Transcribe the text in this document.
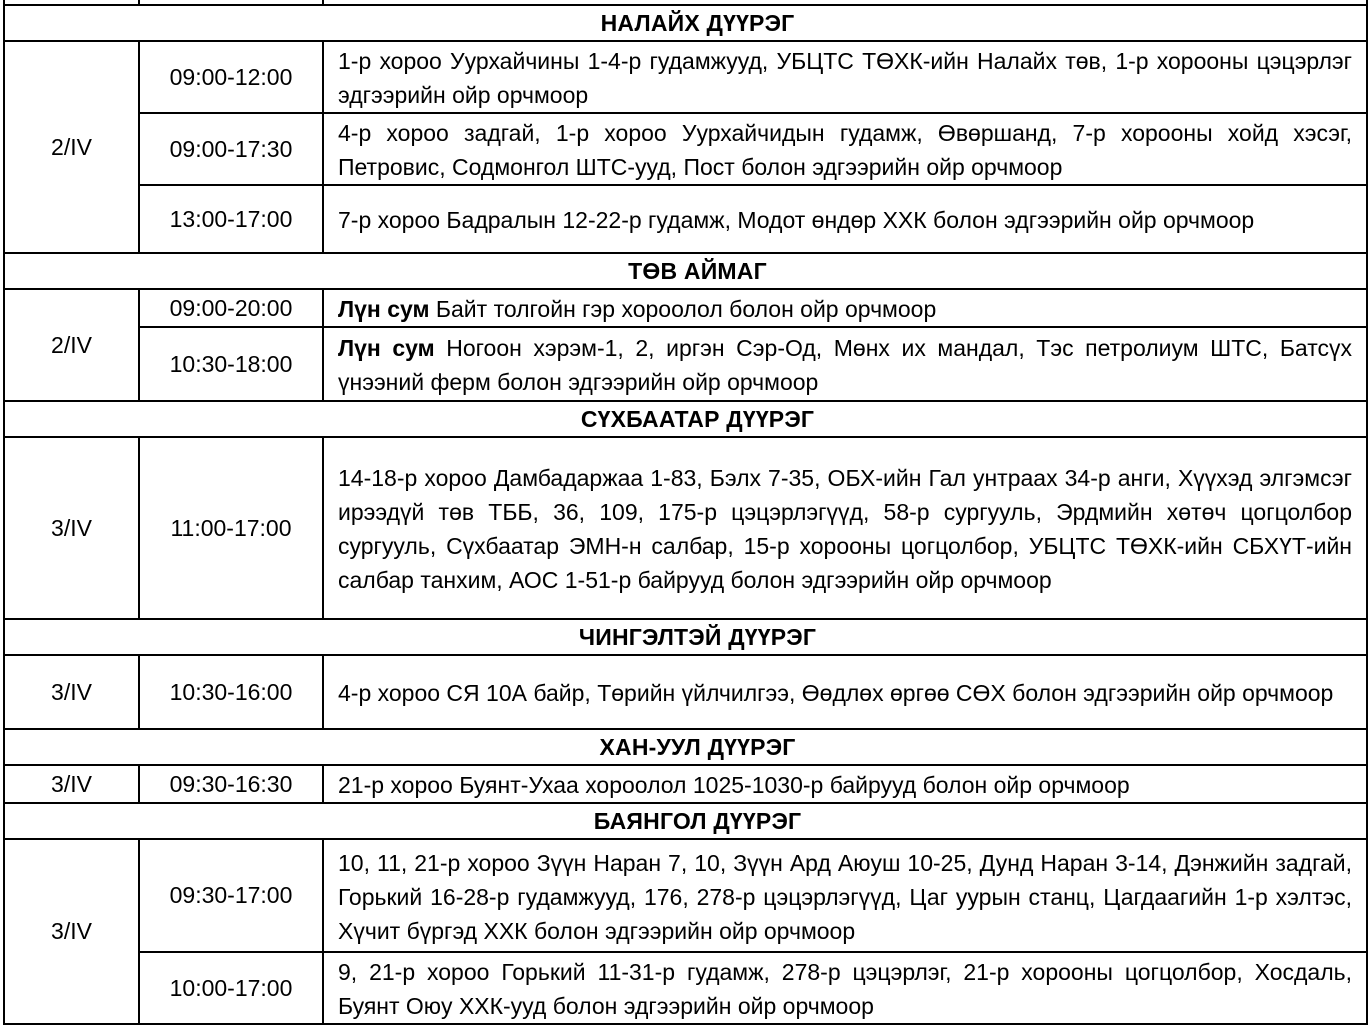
НАЛАЙХ ДҮҮРЭГ		
2/IV	09:00-12:00	1-р хороо Уурхайчины 1-4-р гудамжууд, УБЦТС ТӨХК-ийн Налайх төв, 1-р хорооны цэцэрлэг эдгээрийн ойр орчмоор
	09:00-17:30	4-р хороо задгай, 1-р хороо Уурхайчидын гудамж, Өвөршанд, 7-р хорооны хойд хэсэг, Петровис, Содмонгол ШТС-ууд, Пост болон эдгээрийн ойр орчмоор
	13:00-17:00	7-р хороо Бадралын 12-22-р гудамж, Модот өндөр ХХК болон эдгээрийн ойр орчмоор
ТӨВ АЙМАГ		
2/IV	09:00-20:00	Лүн сум Байт толгойн гэр хороолол болон ойр орчмоор
	10:30-18:00	Лүн сум Ногоон хэрэм-1, 2, иргэн Сэр-Од, Мөнх их мандал, Тэс петролиум ШТС, Батсүх үнээний ферм болон эдгээрийн ойр орчмоор
СҮХБААТАР ДҮҮРЭГ		
3/IV	11:00-17:00	14-18-р хороо Дамбадаржаа 1-83, Бэлх 7-35, ОБХ-ийн Гал унтраах 34-р анги, Хүүхэд элгэмсэг ирээдүй төв ТББ, 36, 109, 175-р цэцэрлэгүүд, 58-р сургууль, Эрдмийн хөтөч цогцолбор сургууль, Сүхбаатар ЭМН-н салбар, 15-р хорооны цогцолбор, УБЦТС ТӨХК-ийн СБХҮТ-ийн салбар танхим, АОС 1-51-р байрууд болон эдгээрийн ойр орчмоор
ЧИНГЭЛТЭЙ ДҮҮРЭГ		
3/IV	10:30-16:00	4-р хороо СЯ 10А байр, Төрийн үйлчилгээ, Өөдлөх өргөө СӨХ болон эдгээрийн ойр орчмоор
ХАН-УУЛ ДҮҮРЭГ		
3/IV	09:30-16:30	21-р хороо Буянт-Ухаа хороолол 1025-1030-р байрууд болон ойр орчмоор
БАЯНГОЛ ДҮҮРЭГ		
3/IV	09:30-17:00	10, 11, 21-р хороо Зүүн Наран 7, 10, Зүүн Ард Аюуш 10-25, Дунд Наран 3-14, Дэнжийн задгай, Горький 16-28-р гудамжууд, 176, 278-р цэцэрлэгүүд, Цаг уурын станц, Цагдаагийн 1-р хэлтэс, Хүчит бүргэд ХХК болон эдгээрийн ойр орчмоор
	10:00-17:00	9, 21-р хороо Горький 11-31-р гудамж, 278-р цэцэрлэг, 21-р хорооны цогцолбор, Хосдаль, Буянт Оюу ХХК-ууд болон эдгээрийн ойр орчмоор
